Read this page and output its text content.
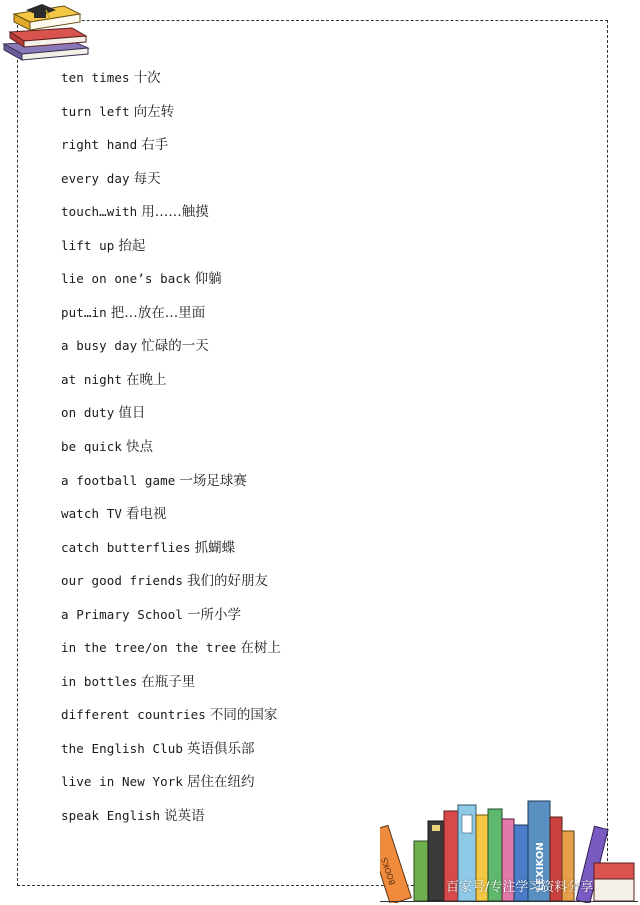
ten times 十次
turn left 向左转
right hand 右手
every day 每天
touch…with 用……触摸
lift up 抬起
lie on one’s back 仰躺
put…in 把…放在…里面
a busy day 忙碌的一天
at night 在晚上
on duty 值日
be quick 快点
a football game 一场足球赛
watch TV 看电视
catch butterflies 抓蝴蝶
our good friends 我们的好朋友
a Primary School 一所小学
in the tree/on the tree 在树上
in bottles 在瓶子里
different countries 不同的国家
the English Club 英语俱乐部
live in New York 居住在纽约
speak English 说英语
BOOKS	LEXIKON
百家号/专注学习资料分享
